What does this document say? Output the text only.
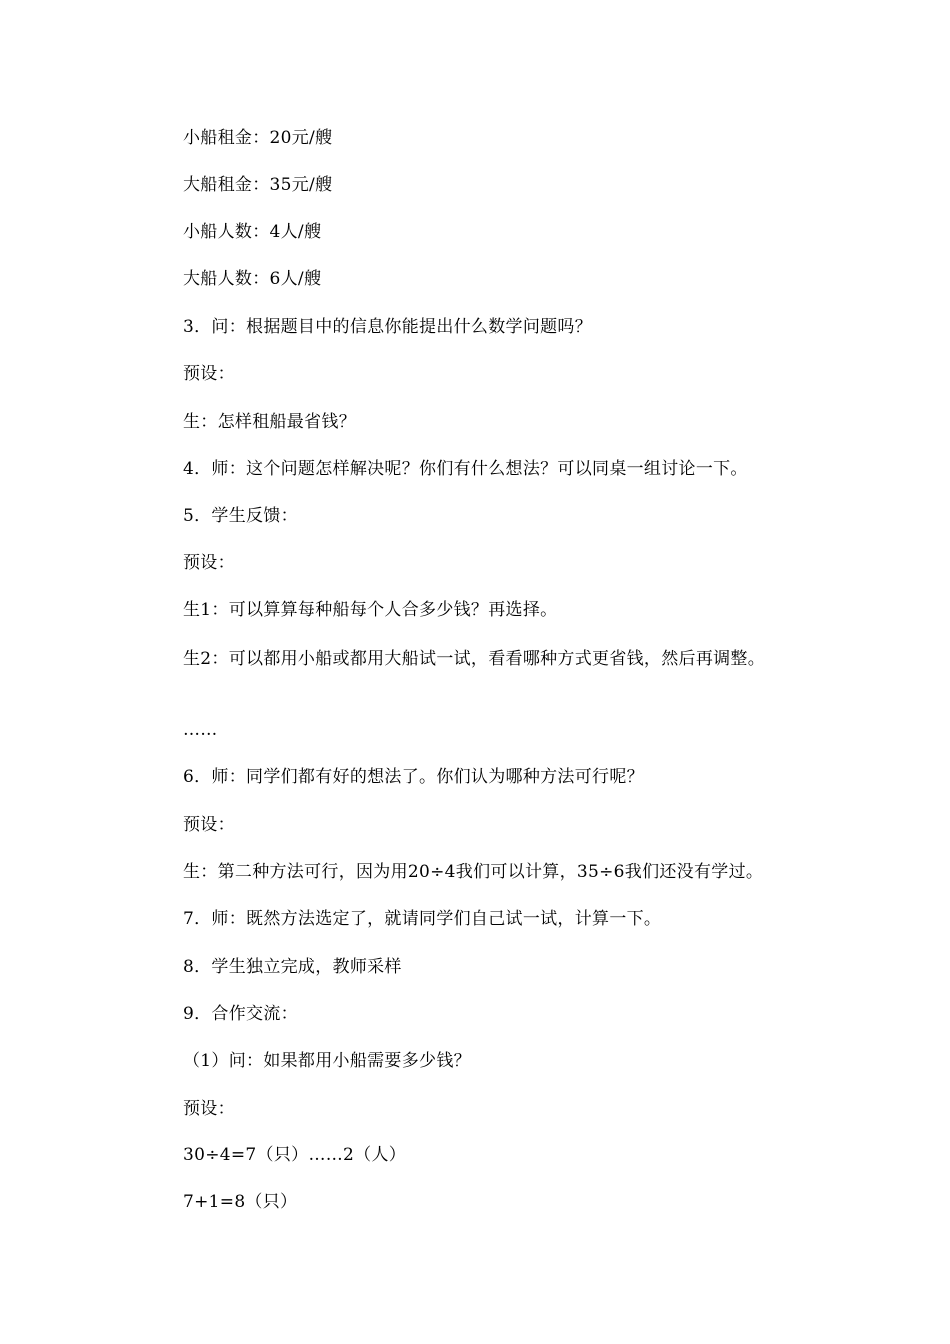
小船租金：20元/艘
大船租金：35元/艘
小船人数：4人/艘
大船人数：6人/艘
3．问：根据题目中的信息你能提出什么数学问题吗？
预设：
生：怎样租船最省钱？
4．师：这个问题怎样解决呢？你们有什么想法？可以同桌一组讨论一下。
5．学生反馈：
预设：
生1：可以算算每种船每个人合多少钱？再选择。
生2：可以都用小船或都用大船试一试，看看哪种方式更省钱，然后再调整。
……
6．师：同学们都有好的想法了。你们认为哪种方法可行呢？
预设：
生：第二种方法可行，因为用20÷4我们可以计算，35÷6我们还没有学过。
7．师：既然方法选定了，就请同学们自己试一试，计算一下。
8．学生独立完成，教师采样
9．合作交流：
（1）问：如果都用小船需要多少钱？
预设：
30÷4=7（只）……2（人）
7+1=8（只）
